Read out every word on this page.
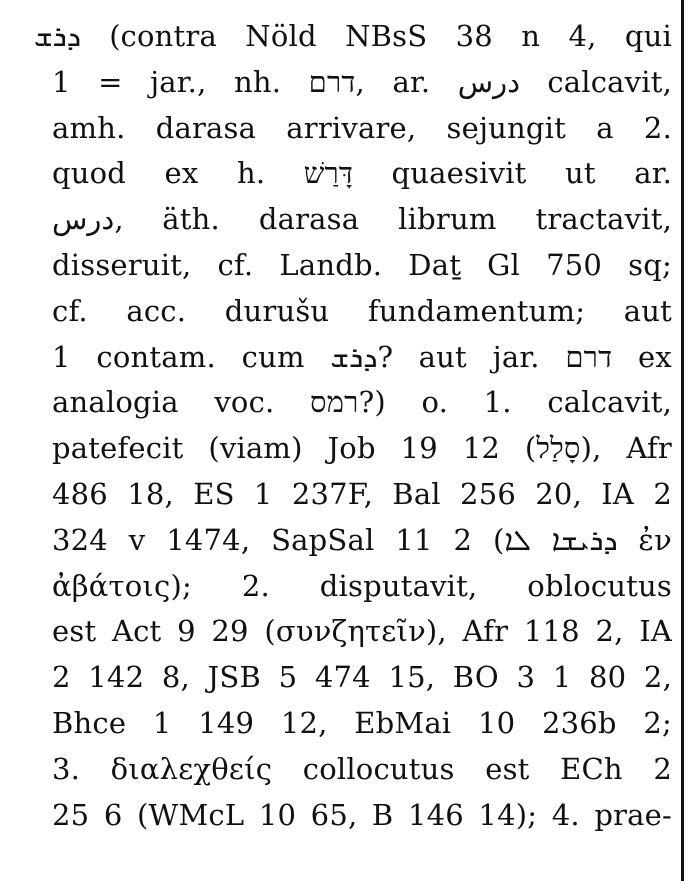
ܕܪܫ (contra Nöld NBsS 38 n 4, qui
1 = jar., nh. דרם, ar. درس calcavit,
amh. darasa arrivare, sejungit a 2.
quod ex h. דָּרַשׁ quaesivit ut ar.
درس, äth. darasa librum tractavit,
disseruit, cf. Landb. Daṯ Gl 750 sq;
cf. acc. durušu fundamentum; aut
1 contam. cum ܕܪܫ? aut jar. דרם ex
analogia voc. רמס?) o. 1. calcavit,
patefecit (viam) Job 19 12 (סָלַל), Afr
486 18, ES 1 237F, Bal 256 20, IA 2
324 v 1474, SapSal 11 2 (ܕܪܝܫܐ ܠܐ ἐν
ἀβάτοις); 2. disputavit, oblocutus
est Act 9 29 (συνζητεῖν), Afr 118 2, IA
2 142 8, JSB 5 474 15, BO 3 1 80 2,
Bhce 1 149 12, EbMai 10 236b 2;
3. διαλεχθείς collocutus est ECh 2
25 6 (WMcL 10 65, B 146 14); 4. prae-
